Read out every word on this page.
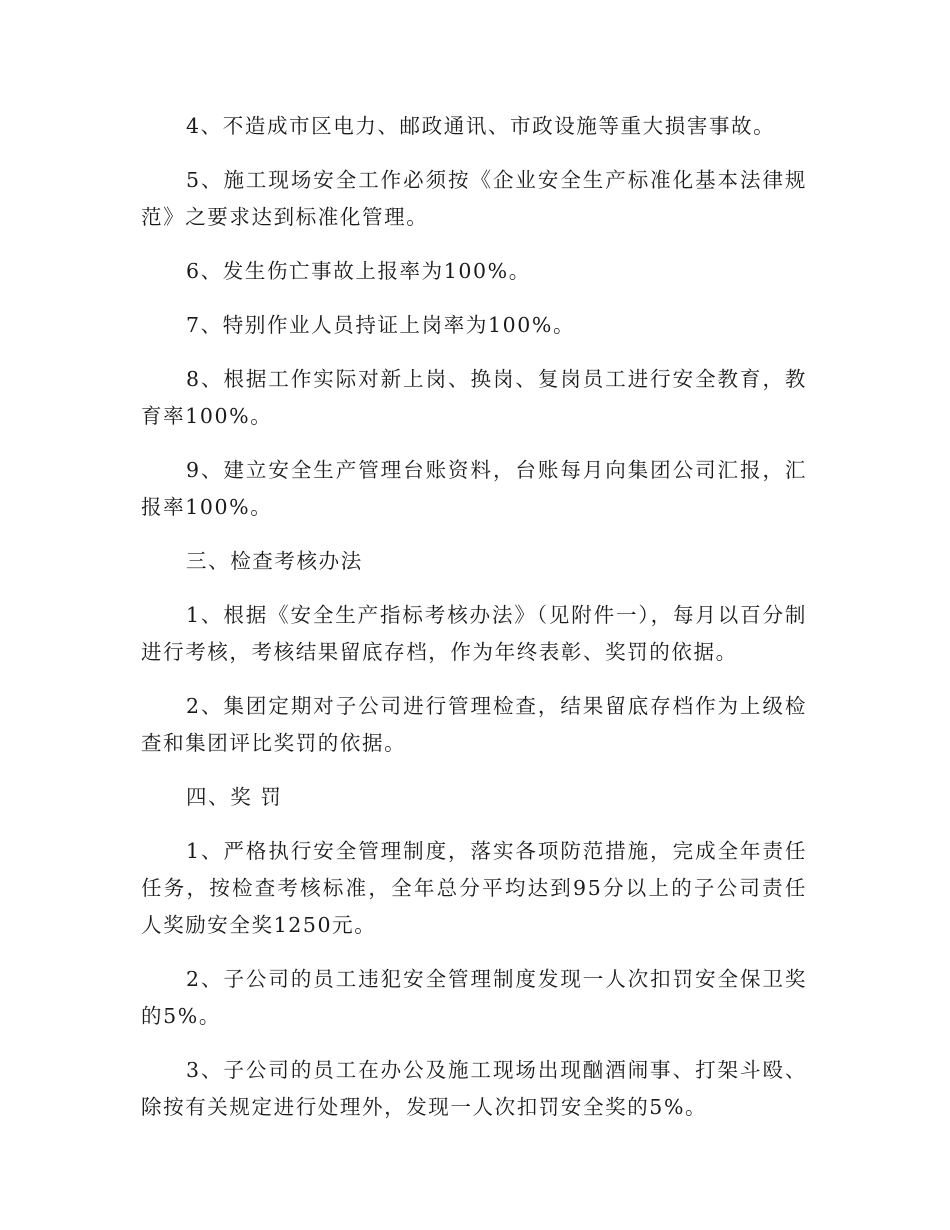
4、不造成市区电力、邮政通讯、市政设施等重大损害事故。

5、施工现场安全工作必须按《企业安全生产标准化基本法律规范》之要求达到标准化管理。

6、发生伤亡事故上报率为100%。

7、特别作业人员持证上岗率为100%。

8、根据工作实际对新上岗、换岗、复岗员工进行安全教育，教育率100%。

9、建立安全生产管理台账资料，台账每月向集团公司汇报，汇报率100%。

三、检查考核办法

1、根据《安全生产指标考核办法》（见附件一），每月以百分制进行考核，考核结果留底存档，作为年终表彰、奖罚的依据。

2、集团定期对子公司进行管理检查，结果留底存档作为上级检查和集团评比奖罚的依据。

四、奖 罚

1、严格执行安全管理制度，落实各项防范措施，完成全年责任任务，按检查考核标准，全年总分平均达到95分以上的子公司责任人奖励安全奖1250元。

2、子公司的员工违犯安全管理制度发现一人次扣罚安全保卫奖的5%。

3、子公司的员工在办公及施工现场出现酗酒闹事、打架斗殴、除按有关规定进行处理外，发现一人次扣罚安全奖的5%。
